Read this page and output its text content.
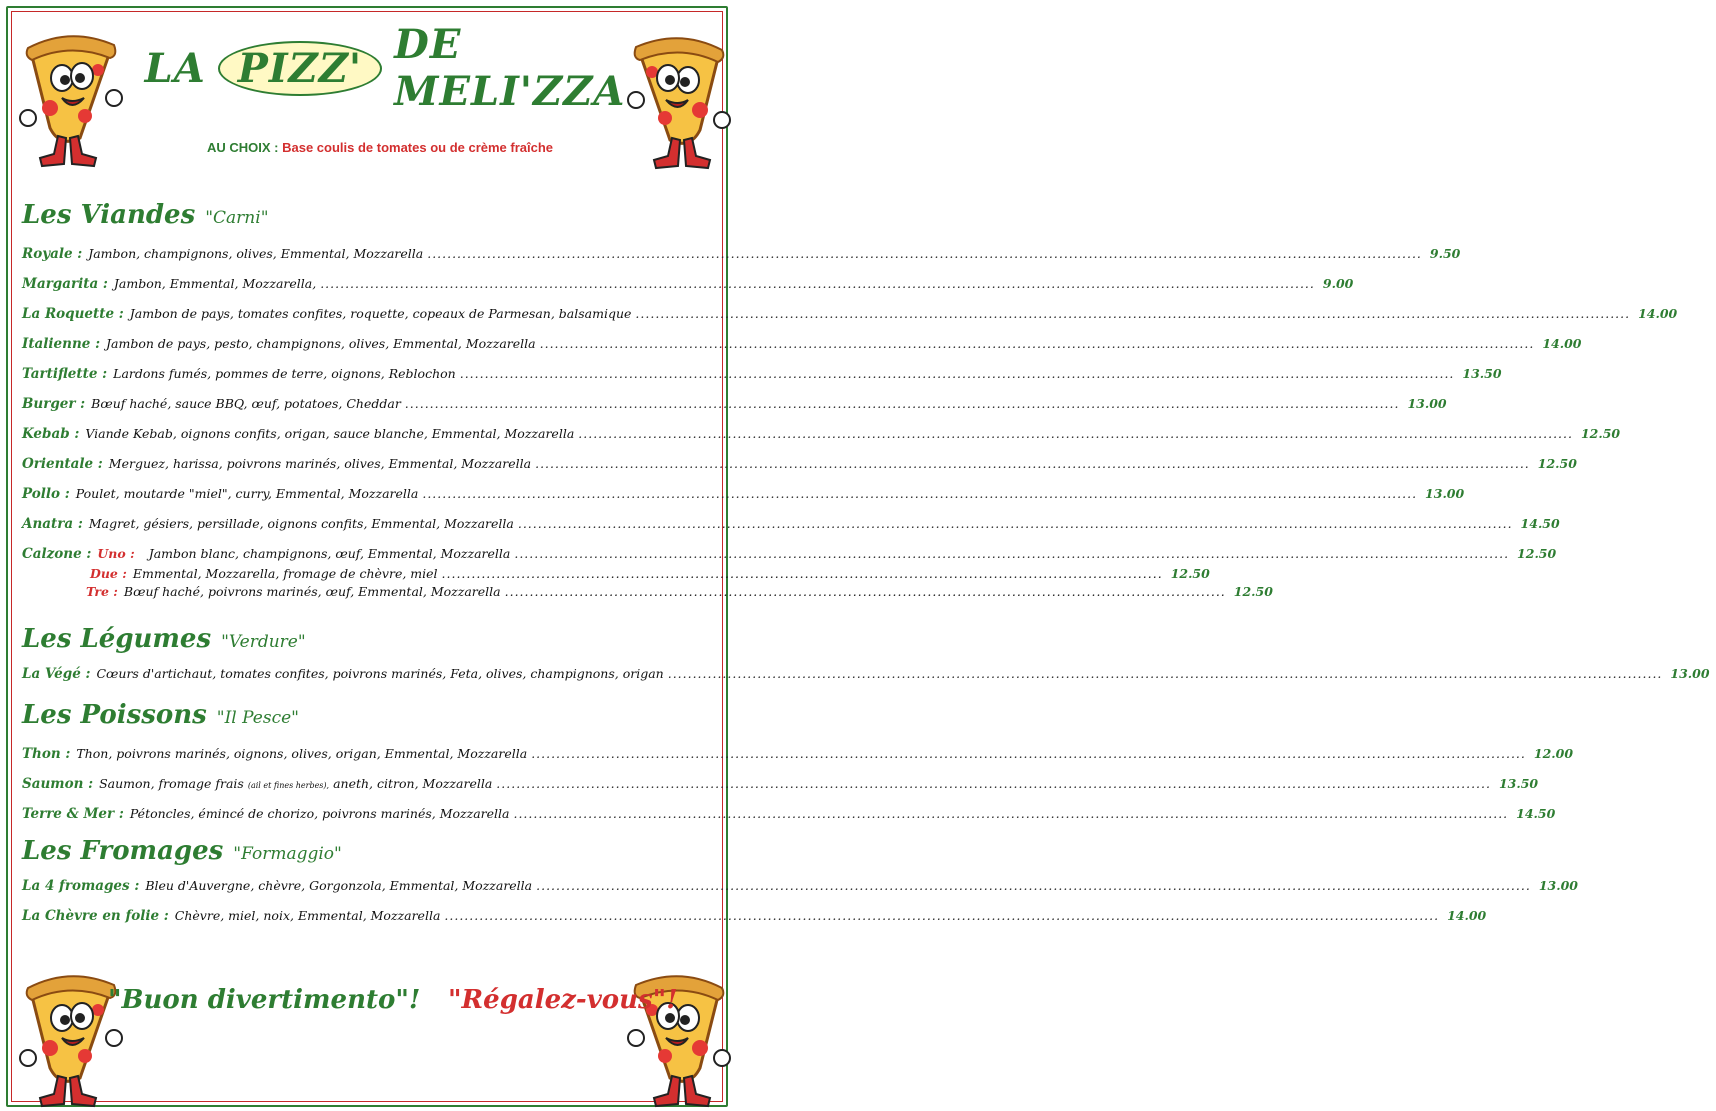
LA PIZZ' DE MELI'ZZA
AU CHOIX : Base coulis de tomates ou de crème fraîche
Les Viandes "Carni"
Royale : Jambon, champignons, olives, Emmental, Mozzarella .....	9.50
Margarita : Jambon, Emmental, Mozzarella, .....	9.00
La Roquette : Jambon de pays, tomates confites, roquette, copeaux de Parmesan, balsamique .....	14.00
Italienne : Jambon de pays, pesto, champignons, olives, Emmental, Mozzarella .....	14.00
Tartiflette : Lardons fumés, pommes de terre, oignons, Reblochon .....	13.50
Burger : Bœuf haché, sauce BBQ, œuf, potatoes, Cheddar .....	13.00
Kebab : Viande Kebab, oignons confits, origan, sauce blanche, Emmental, Mozzarella .....	12.50
Orientale : Merguez, harissa, poivrons marinés, olives, Emmental, Mozzarella .....	12.50
Pollo : Poulet, moutarde "miel", curry, Emmental, Mozzarella .....	13.00
Anatra : Magret, gésiers, persillade, oignons confits, Emmental, Mozzarella .....	14.50
Calzone : Uno : Jambon blanc, champignons, œuf, Emmental, Mozzarella .....	12.50
Due : Emmental, Mozzarella, fromage de chèvre, miel ................................................................................................................................................. 12.50
Tre : Bœuf haché, poivrons marinés, œuf, Emmental, Mozzarella ................................................................................................................................................. 12.50
Les Légumes "Verdure"
La Végé : Cœurs d'artichaut, tomates confites, poivrons marinés, Feta, olives, champignons, origan .....	13.00
Les Poissons "Il Pesce"
Thon : Thon, poivrons marinés, oignons, olives, origan, Emmental, Mozzarella .....	12.00
Saumon : Saumon, fromage frais (ail et fines herbes), aneth, citron, Mozzarella .....	13.50
Terre & Mer : Pétoncles, émincé de chorizo, poivrons marinés, Mozzarella .....	14.50
Les Fromages "Formaggio"
La 4 fromages : Bleu d'Auvergne, chèvre, Gorgonzola, Emmental, Mozzarella .....	13.00
La Chèvre en folie : Chèvre, miel, noix, Emmental, Mozzarella .....	14.00
"Buon divertimento"! "Régalez-vous"!
